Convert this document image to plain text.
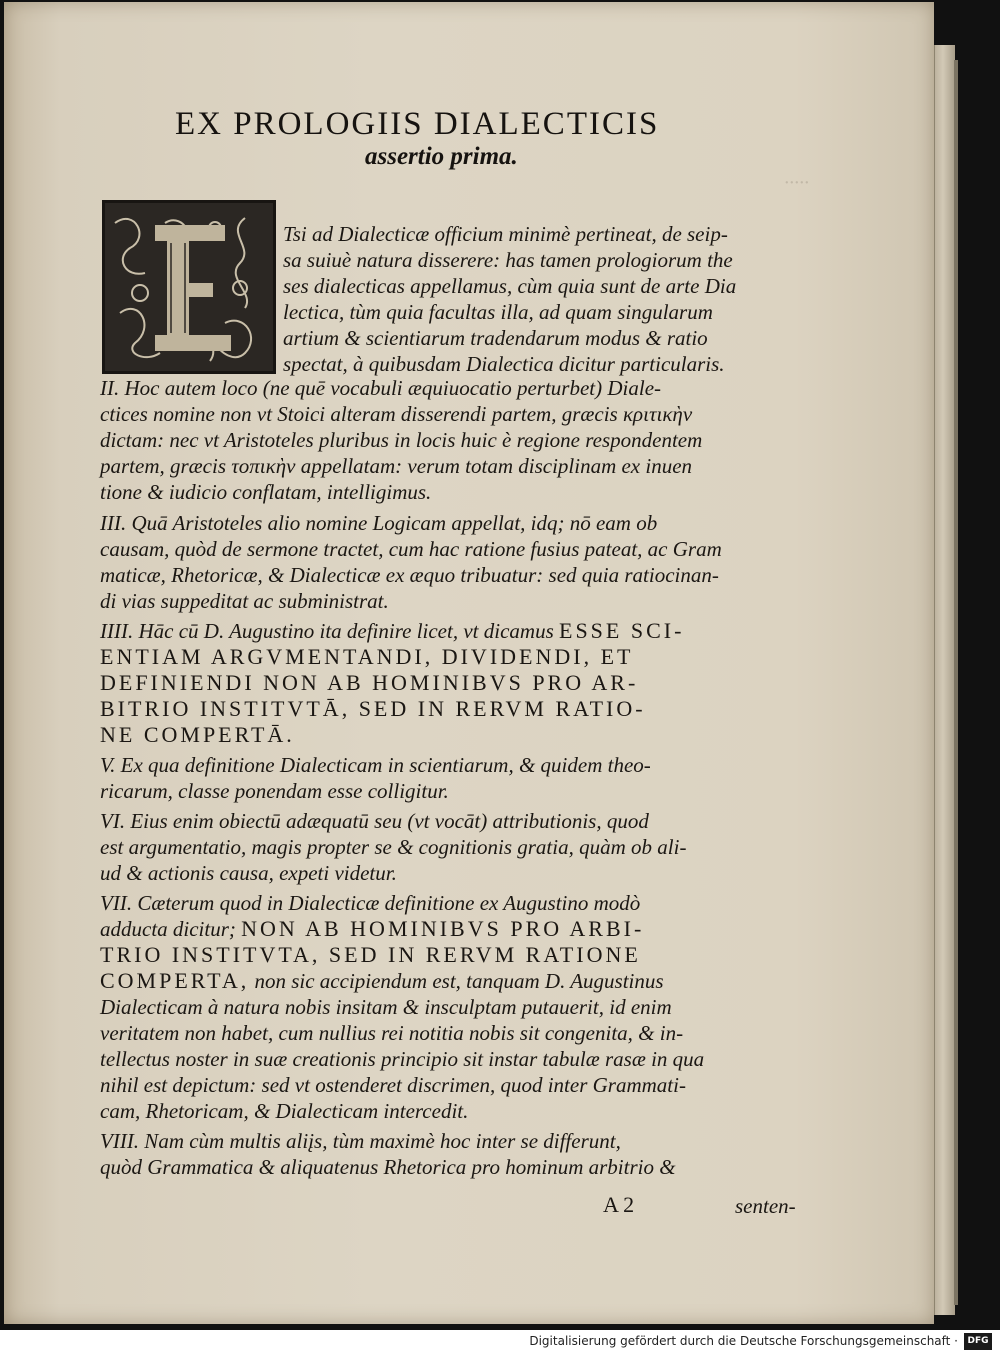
·····
EX PROLOGIIS DIALECTICIS
assertio prima.
Tsi ad Dialecticæ officium minimè pertineat, de seip-
sa suiuè natura disserere: has tamen prologiorum the
ses dialecticas appellamus, cùm quia sunt de arte Dia
lectica, tùm quia facultas illa, ad quam singularum
artium & scientiarum tradendarum modus & ratio
spectat, à quibusdam Dialectica dicitur particularis.
II. Hoc autem loco (ne quē vocabuli æquiuocatio perturbet) Diale-
ctices nomine non vt Stoici alteram disserendi partem, græcis κριτικὴν
dictam: nec vt Aristoteles pluribus in locis huic è regione respondentem
partem, græcis τοπικὴν appellatam: verum totam disciplinam ex inuen
tione & iudicio conflatam, intelligimus.
III. Quā Aristoteles alio nomine Logicam appellat, idq; nō eam ob
causam, quòd de sermone tractet, cum hac ratione fusius pateat, ac Gram
maticæ, Rhetoricæ, & Dialecticæ ex æquo tribuatur: sed quia ratiocinan-
di vias suppeditat ac subministrat.
IIII. Hāc cū D. Augustino ita definire licet, vt dicamus ESSE SCI-
ENTIAM ARGVMENTANDI, DIVIDENDI, ET
DEFINIENDI NON AB HOMINIBVS PRO AR-
BITRIO INSTITVTĀ, SED IN RERVM RATIO-
NE COMPERTĀ.
V. Ex qua definitione Dialecticam in scientiarum, & quidem theo-
ricarum, classe ponendam esse colligitur.
VI. Eius enim obiectū adæquatū seu (vt vocāt) attributionis, quod
est argumentatio, magis propter se & cognitionis gratia, quàm ob ali-
ud & actionis causa, expeti videtur.
VII. Cæterum quod in Dialecticæ definitione ex Augustino modò
adducta dicitur; NON AB HOMINIBVS PRO ARBI-
TRIO INSTITVTA, SED IN RERVM RATIONE
COMPERTA, non sic accipiendum est, tanquam D. Augustinus
Dialecticam à natura nobis insitam & insculptam putauerit, id enim
veritatem non habet, cum nullius rei notitia nobis sit congenita, & in-
tellectus noster in suæ creationis principio sit instar tabulæ rasæ in qua
nihil est depictum: sed vt ostenderet discrimen, quod inter Grammati-
cam, Rhetoricam, & Dialecticam intercedit.
VIII. Nam cùm multis aliįs, tùm maximè hoc inter se differunt,
quòd Grammatica & aliquatenus Rhetorica pro hominum arbitrio &
A 2	senten-
Digitalisierung gefördert durch die Deutsche Forschungsgemeinschaft ·	DFG
